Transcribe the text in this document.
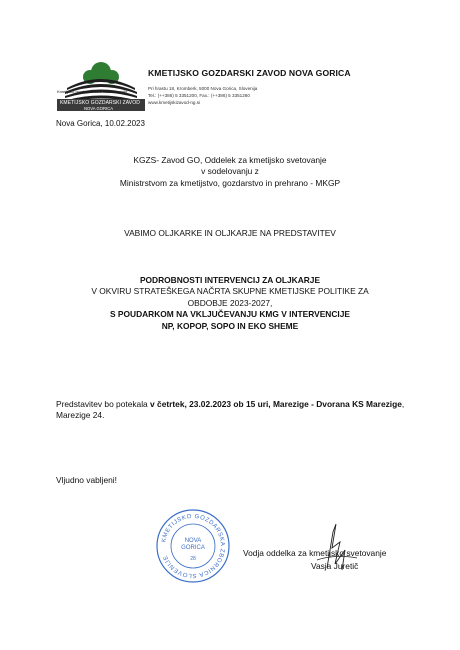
Kmetijsko gozdarska zbornica Slovenije
KMETIJSKO GOZDARSKI ZAVOD
NOVA GORICA
KMETIJSKO GOZDARSKI ZAVOD NOVA GORICA
Pri hrastu 18, Kromberk, 5000 Nova Gorica, Slovenija
Tel.: (++386) 5 3351200, Fax.: (++386) 5 3351260
www.kmetijskizavod-ng.si
Nova Gorica, 10.02.2023
KGZS- Zavod GO, Oddelek za kmetijsko svetovanje
v sodelovanju z
Ministrstvom za kmetijstvo, gozdarstvo in prehrano - MKGP
VABIMO OLJKARKE IN OLJKARJE NA PREDSTAVITEV
PODROBNOSTI INTERVENCIJ ZA OLJKARJE
V OKVIRU STRATEŠKEGA NAČRTA SKUPNE KMETIJSKE POLITIKE ZA
OBDOBJE 2023-2027,
S POUDARKOM NA VKLJUČEVANJU KMG V INTERVENCIJE
NP, KOPOP, SOPO IN EKO SHEME
Predstavitev bo potekala v četrtek, 23.02.2023 ob 15 uri, Marezige - Dvorana KS Marezige, Marezige 24.
Vljudno vabljeni!
KMETIJSKO GOZDARSKA ZBORNICA SLOVENIJE
NOVA
GORICA
28
Vodja oddelka za kmetijsko svetovanje
Vasja Juretič
